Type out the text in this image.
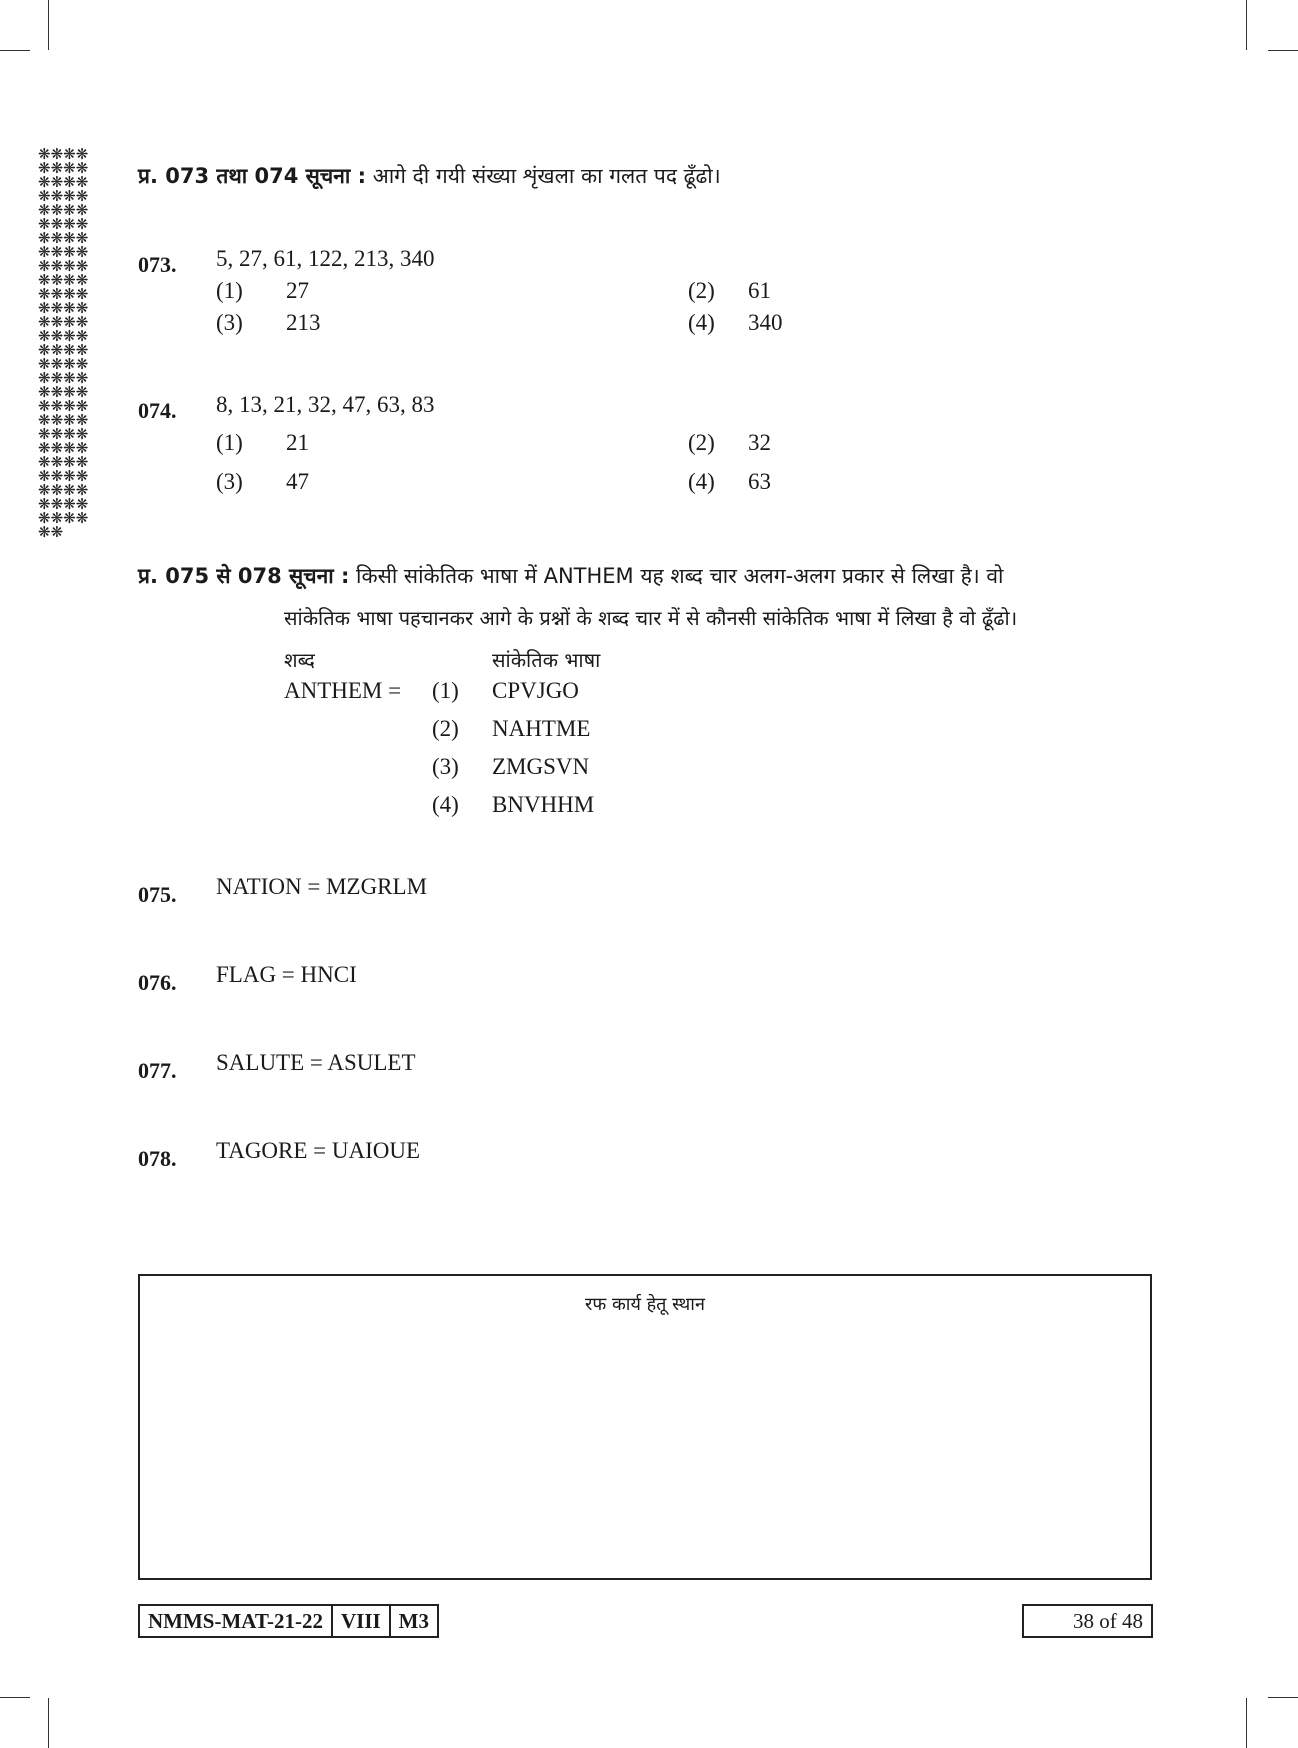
❋❋❋❋❋❋❋❋❋❋❋❋❋❋❋❋❋❋❋❋❋❋❋❋❋❋❋❋❋❋❋❋❋❋❋❋❋❋❋❋❋❋❋❋❋❋❋❋❋❋❋❋❋❋❋❋❋❋❋❋❋❋❋❋❋❋❋❋❋❋❋❋❋❋❋❋❋❋❋❋❋❋❋❋❋❋❋❋❋❋❋❋❋❋❋❋❋❋❋❋❋❋❋❋❋❋❋❋❋❋
प्र. 073 तथा 074 सूचना : आगे दी गयी संख्या शृंखला का गलत पद ढूँढो।
073. 5, 27, 61, 122, 213, 340
(1) 27	(2) 61
(3) 213	(4) 340
074. 8, 13, 21, 32, 47, 63, 83
(1) 21	(2) 32
(3) 47	(4) 63
प्र. 075 से 078 सूचना : किसी सांकेतिक भाषा में ANTHEM यह शब्द चार अलग-अलग प्रकार से लिखा है। वो
सांकेतिक भाषा पहचानकर आगे के प्रश्नों के शब्द चार में से कौनसी सांकेतिक भाषा में लिखा है वो ढूँढो।
शब्द	सांकेतिक भाषा
ANTHEM = (1) CPVJGO
(2) NAHTME
(3) ZMGSVN
(4) BNVHHM
075. NATION = MZGRLM
076. FLAG = HNCI
077. SALUTE = ASULET
078. TAGORE = UAIOUE
रफ कार्य हेतू स्थान
NMMS-MAT-21-22 VIII M3	38 of 48
